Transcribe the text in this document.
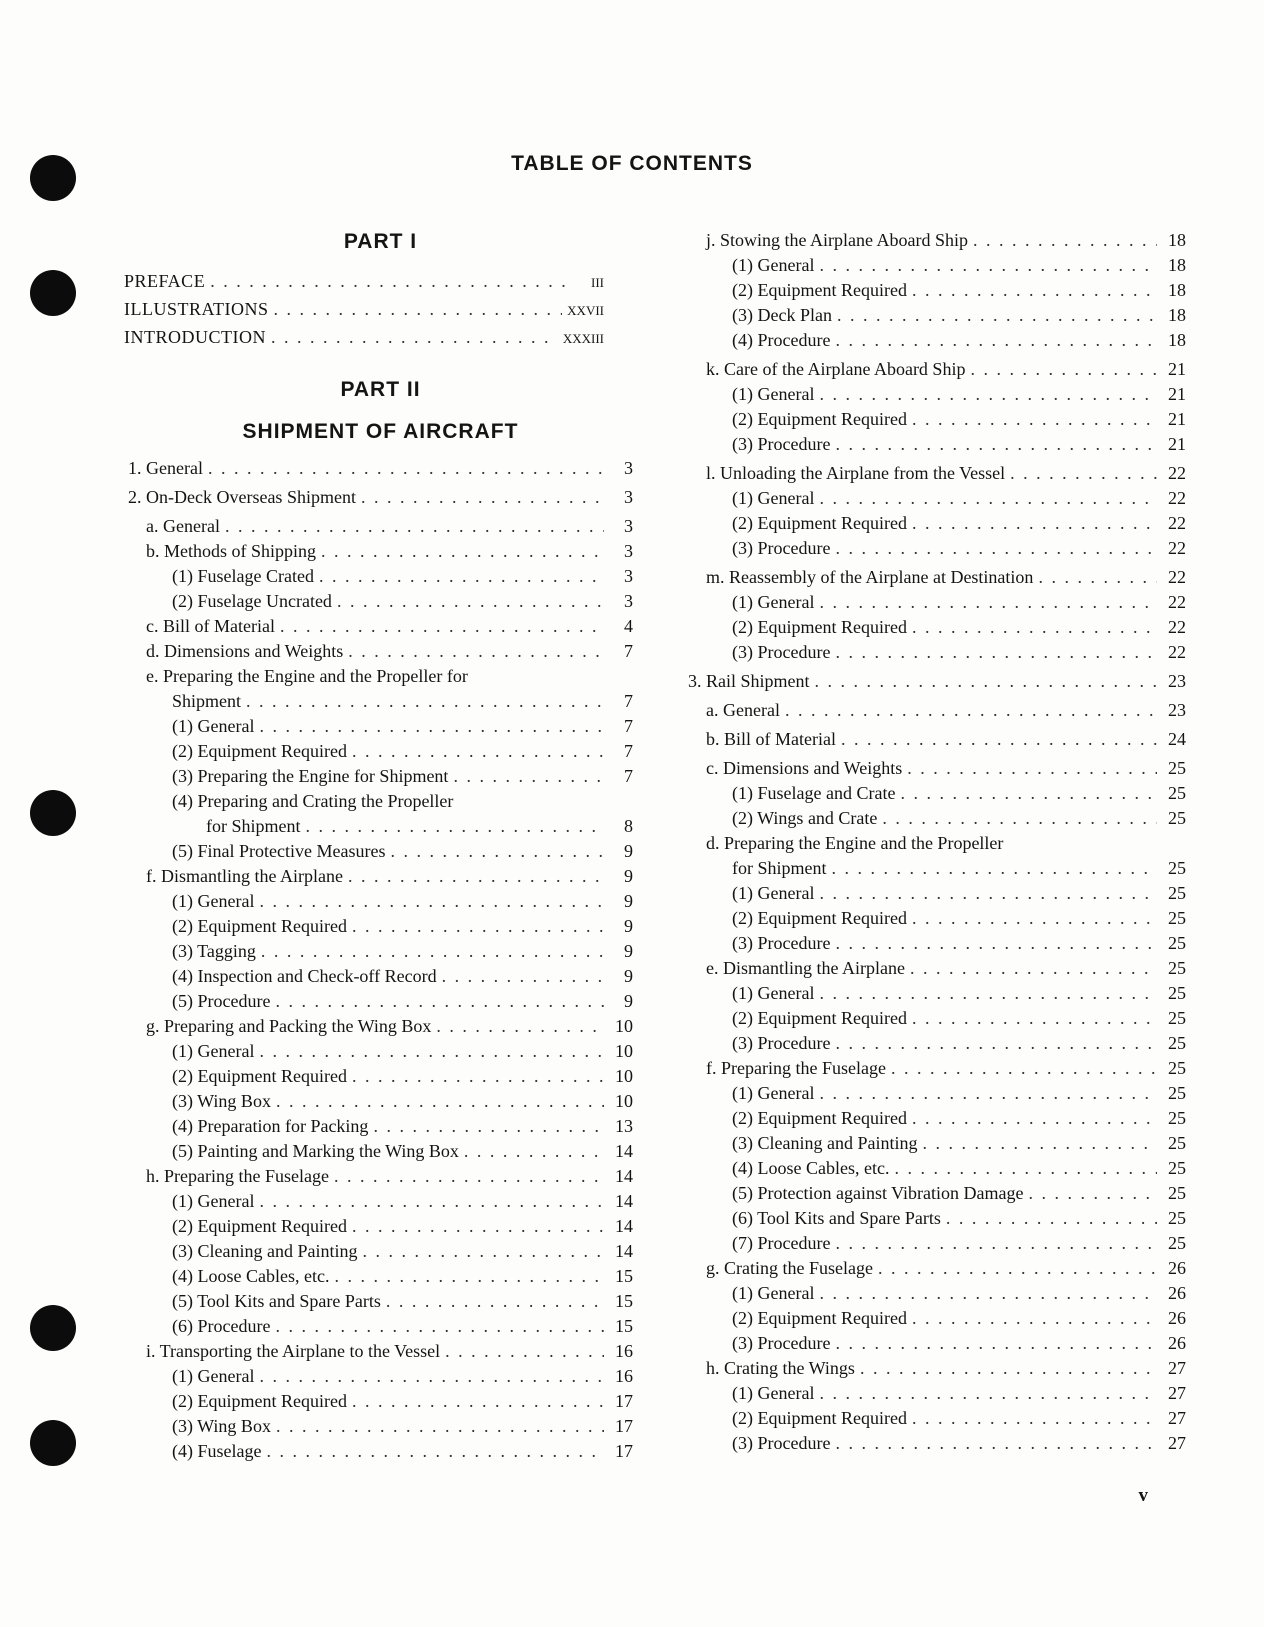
TABLE OF CONTENTS
PART I
PREFACE . . .	iii
ILLUSTRATIONS . . .	xxvii
INTRODUCTION . . .	xxxiii
PART II
SHIPMENT OF AIRCRAFT
1. General . . .	3
2. On-Deck Overseas Shipment . . .	3
a. General . . .	3
b. Methods of Shipping . . .	3
(1) Fuselage Crated . . .	3
(2) Fuselage Uncrated . . .	3
c. Bill of Material . . .	4
d. Dimensions and Weights . . .	7
e. Preparing the Engine and the Propeller for
Shipment . . .	7
(1) General . . .	7
(2) Equipment Required . . .	7
(3) Preparing the Engine for Shipment . . .	7
(4) Preparing and Crating the Propeller
for Shipment . . .	8
(5) Final Protective Measures . . .	9
f. Dismantling the Airplane . . .	9
(1) General . . .	9
(2) Equipment Required . . .	9
(3) Tagging . . .	9
(4) Inspection and Check-off Record . . .	9
(5) Procedure . . .	9
g. Preparing and Packing the Wing Box . . .	10
(1) General . . .	10
(2) Equipment Required . . .	10
(3) Wing Box . . .	10
(4) Preparation for Packing . . .	13
(5) Painting and Marking the Wing Box . . .	14
h. Preparing the Fuselage . . .	14
(1) General . . .	14
(2) Equipment Required . . .	14
(3) Cleaning and Painting . . .	14
(4) Loose Cables, etc. . . .	15
(5) Tool Kits and Spare Parts . . .	15
(6) Procedure . . .	15
i. Transporting the Airplane to the Vessel . . .	16
(1) General . . .	16
(2) Equipment Required . . .	17
(3) Wing Box . . .	17
(4) Fuselage . . .	17
j. Stowing the Airplane Aboard Ship . . .	18
(1) General . . .	18
(2) Equipment Required . . .	18
(3) Deck Plan . . .	18
(4) Procedure . . .	18
k. Care of the Airplane Aboard Ship . . .	21
(1) General . . .	21
(2) Equipment Required . . .	21
(3) Procedure . . .	21
l. Unloading the Airplane from the Vessel . . .	22
(1) General . . .	22
(2) Equipment Required . . .	22
(3) Procedure . . .	22
m. Reassembly of the Airplane at Destination . . .	22
(1) General . . .	22
(2) Equipment Required . . .	22
(3) Procedure . . .	22
3. Rail Shipment . . .	23
a. General . . .	23
b. Bill of Material . . .	24
c. Dimensions and Weights . . .	25
(1) Fuselage and Crate . . .	25
(2) Wings and Crate . . .	25
d. Preparing the Engine and the Propeller
for Shipment . . .	25
(1) General . . .	25
(2) Equipment Required . . .	25
(3) Procedure . . .	25
e. Dismantling the Airplane . . .	25
(1) General . . .	25
(2) Equipment Required . . .	25
(3) Procedure . . .	25
f. Preparing the Fuselage . . .	25
(1) General . . .	25
(2) Equipment Required . . .	25
(3) Cleaning and Painting . . .	25
(4) Loose Cables, etc. . . .	25
(5) Protection against Vibration Damage . . .	25
(6) Tool Kits and Spare Parts . . .	25
(7) Procedure . . .	25
g. Crating the Fuselage . . .	26
(1) General . . .	26
(2) Equipment Required . . .	26
(3) Procedure . . .	26
h. Crating the Wings . . .	27
(1) General . . .	27
(2) Equipment Required . . .	27
(3) Procedure . . .	27
v
